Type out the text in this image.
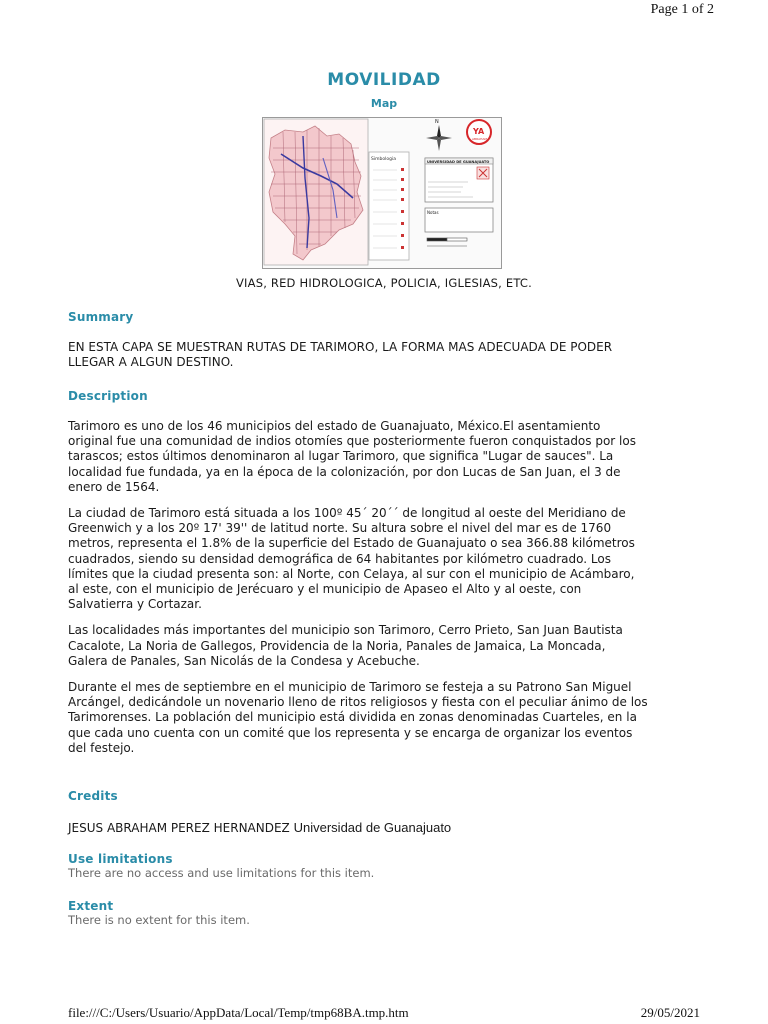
Page 1 of 2
MOVILIDAD
Map
Simbologia
N
YA
ABRAHAM
UNIVERSIDAD DE GUANAJUATO
Notas
VIAS, RED HIDROLOGICA, POLICIA, IGLESIAS, ETC.
Summary
EN ESTA CAPA SE MUESTRAN RUTAS DE TARIMORO, LA FORMA MAS ADECUADA DE PODER LLEGAR A ALGUN DESTINO.
Description

Tarimoro es uno de los 46 municipios del estado de Guanajuato, México.El asentamiento original fue una comunidad de indios otomíes que posteriormente fueron conquistados por los tarascos; estos últimos denominaron al lugar Tarimoro, que significa "Lugar de sauces". La localidad fue fundada, ya en la época de la colonización, por don Lucas de San Juan, el 3 de enero de 1564.

La ciudad de Tarimoro está situada a los 100º 45´ 20´´ de longitud al oeste del Meridiano de Greenwich y a los 20º 17' 39'' de latitud norte. Su altura sobre el nivel del mar es de 1760 metros, representa el 1.8% de la superficie del Estado de Guanajuato o sea 366.88 kilómetros cuadrados, siendo su densidad demográfica de 64 habitantes por kilómetro cuadrado. Los límites que la ciudad presenta son: al Norte, con Celaya, al sur con el municipio de Acámbaro, al este, con el municipio de Jerécuaro y el municipio de Apaseo el Alto y al oeste, con Salvatierra y Cortazar.

Las localidades más importantes del municipio son Tarimoro, Cerro Prieto, San Juan Bautista Cacalote, La Noria de Gallegos, Providencia de la Noria, Panales de Jamaica, La Moncada, Galera de Panales, San Nicolás de la Condesa y Acebuche.

Durante el mes de septiembre en el municipio de Tarimoro se festeja a su Patrono San Miguel Arcángel, dedicándole un novenario lleno de ritos religiosos y fiesta con el peculiar ánimo de los Tarimorenses. La población del municipio está dividida en zonas denominadas Cuarteles, en la que cada uno cuenta con un comité que los representa y se encarga de organizar los eventos del festejo.

Credits
JESUS ABRAHAM PEREZ HERNANDEZ Universidad de Guanajuato
Use limitations
There are no access and use limitations for this item.
Extent
There is no extent for this item.
file:///C:/Users/Usuario/AppData/Local/Temp/tmp68BA.tmp.htm	29/05/2021
